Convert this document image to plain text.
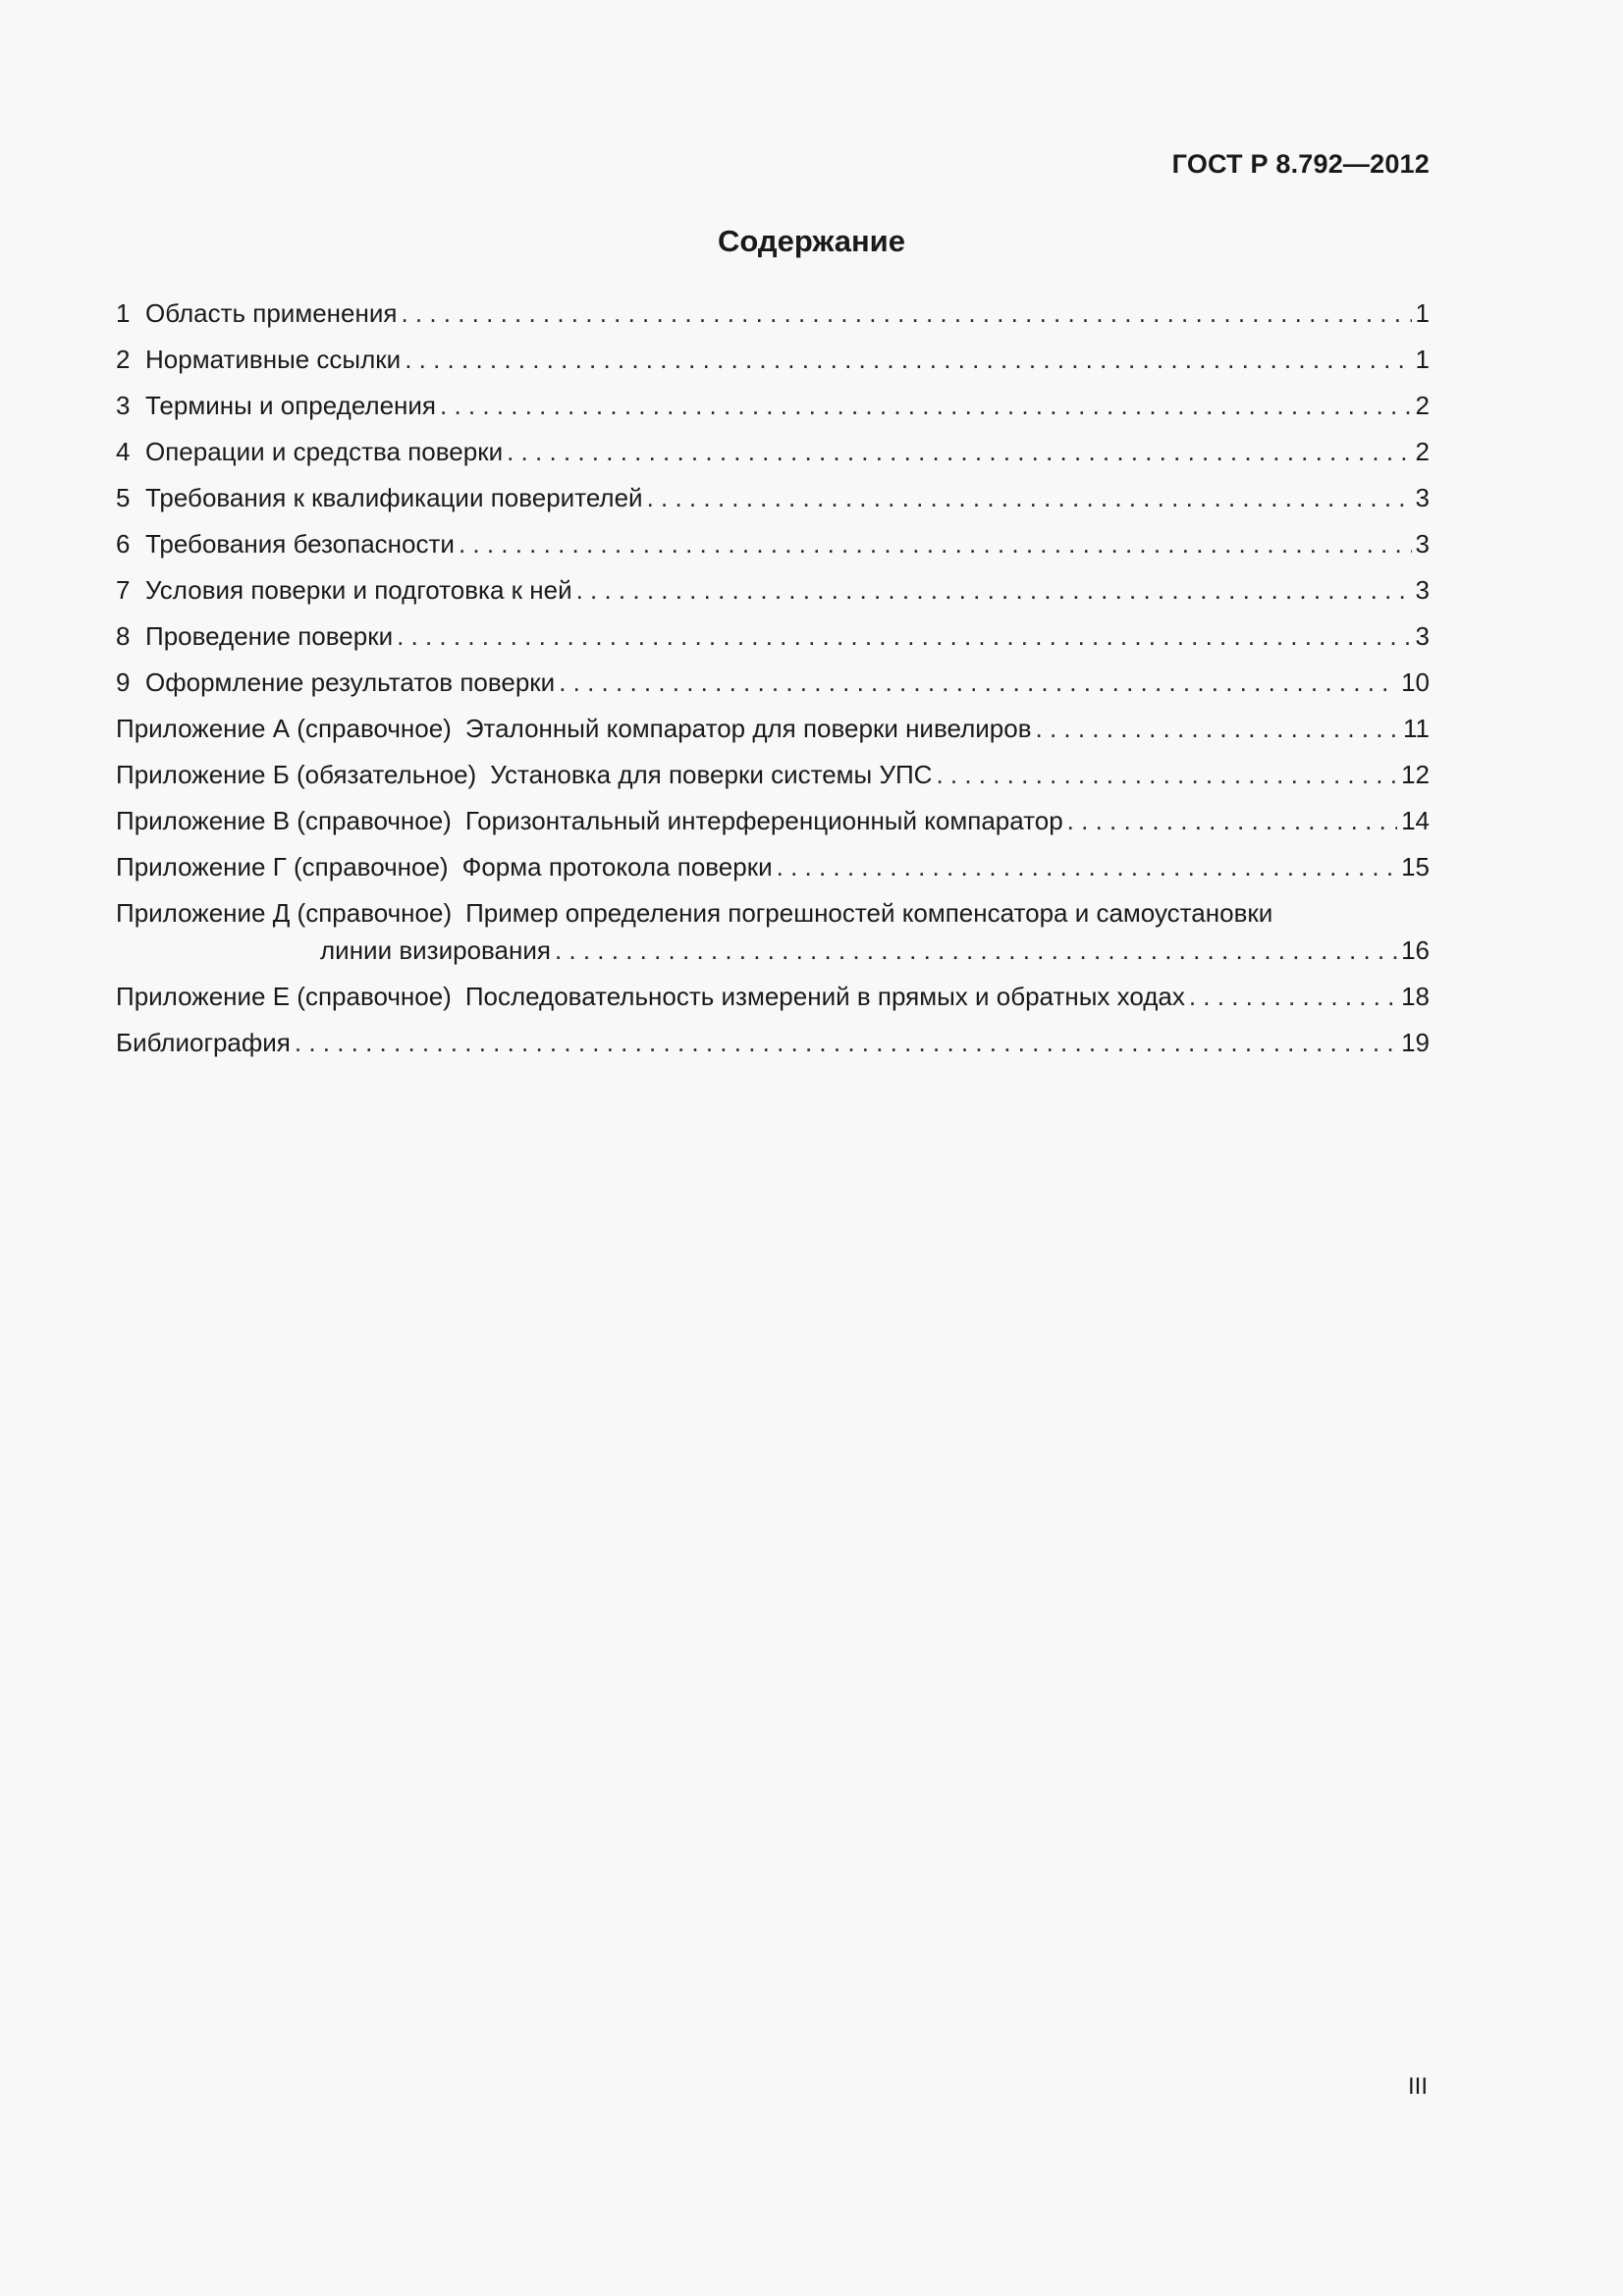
ГОСТ Р 8.792—2012
Содержание
1 Область применения . . .	1
2 Нормативные ссылки . . .	1
3 Термины и определения . . .	2
4 Операции и средства поверки . . .	2
5 Требования к квалификации поверителей . . .	3
6 Требования безопасности . . .	3
7 Условия поверки и подготовка к ней . . .	3
8 Проведение поверки . . .	3
9 Оформление результатов поверки . . .	10
Приложение А (справочное) Эталонный компаратор для поверки нивелиров . . .	11
Приложение Б (обязательное) Установка для поверки системы УПС . . .	12
Приложение В (справочное) Горизонтальный интерференционный компаратор . . .	14
Приложение Г (справочное) Форма протокола поверки . . .	15
Приложение Д (справочное) Пример определения погрешностей компенсатора и самоустановки
линии визирования . . .	16
Приложение Е (справочное) Последовательность измерений в прямых и обратных ходах . . .	18
Библиография . . .	19
III
